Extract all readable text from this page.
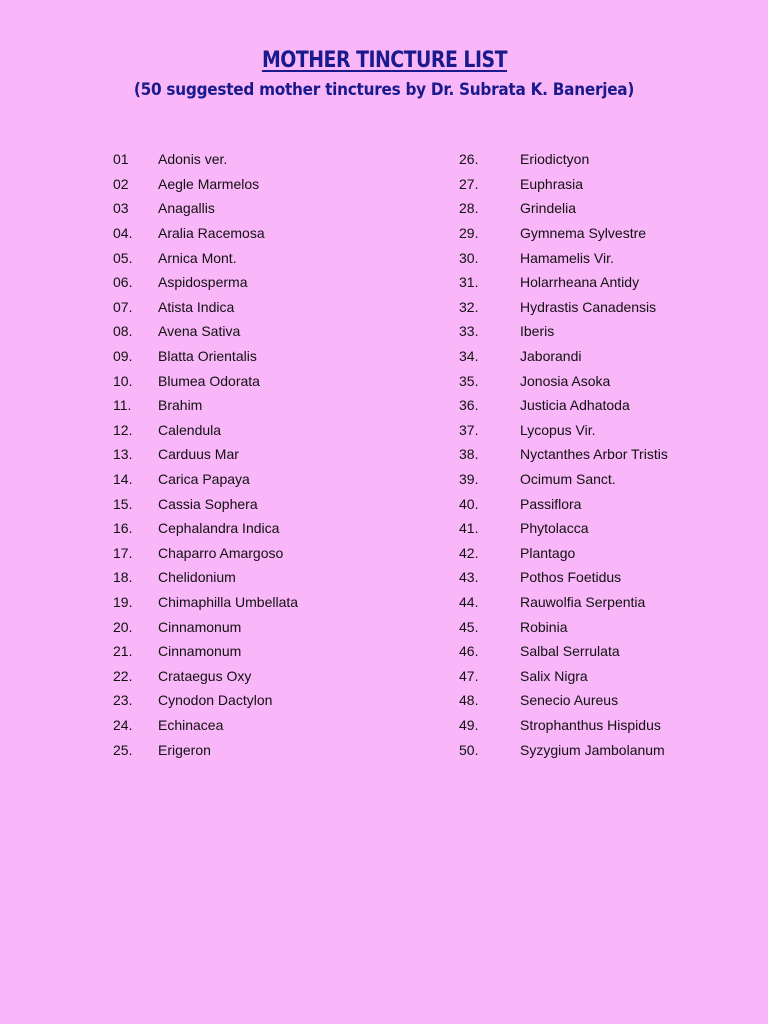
MOTHER TINCTURE LIST
(50 suggested mother tinctures by Dr. Subrata K. Banerjea)
01	Adonis ver.
02	Aegle Marmelos
03	Anagallis
04.	Aralia Racemosa
05.	Arnica Mont.
06.	Aspidosperma
07.	Atista Indica
08.	Avena Sativa
09.	Blatta Orientalis
10.	Blumea Odorata
11.	Brahim
12.	Calendula
13.	Carduus Mar
14.	Carica Papaya
15.	Cassia Sophera
16.	Cephalandra Indica
17.	Chaparro Amargoso
18.	Chelidonium
19.	Chimaphilla Umbellata
20.	Cinnamonum
21.	Cinnamonum
22.	Crataegus Oxy
23.	Cynodon Dactylon
24.	Echinacea
25.	Erigeron
26.	Eriodictyon
27.	Euphrasia
28.	Grindelia
29.	Gymnema Sylvestre
30.	Hamamelis Vir.
31.	Holarrheana Antidy
32.	Hydrastis Canadensis
33.	Iberis
34.	Jaborandi
35.	Jonosia Asoka
36.	Justicia Adhatoda
37.	Lycopus Vir.
38.	Nyctanthes Arbor Tristis
39.	Ocimum Sanct.
40.	Passiflora
41.	Phytolacca
42.	Plantago
43.	Pothos Foetidus
44.	Rauwolfia Serpentia
45.	Robinia
46.	Salbal Serrulata
47.	Salix Nigra
48.	Senecio Aureus
49.	Strophanthus Hispidus
50.	Syzygium Jambolanum
